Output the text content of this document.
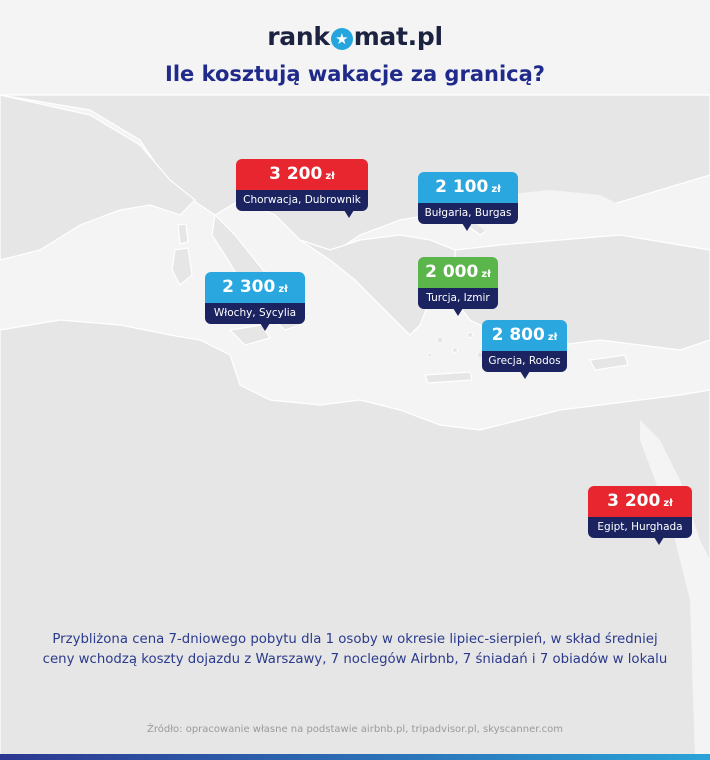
rank ★ mat.pl
Ile kosztują wakacje za granicą?
3 200 zł
Chorwacja, Dubrownik
2 100 zł
Bułgaria, Burgas
2 300 zł
Włochy, Sycylia
2 000 zł
Turcja, Izmir
2 800 zł
Grecja, Rodos
3 200 zł
Egipt, Hurghada
Przybliżona cena 7-dniowego pobytu dla 1 osoby w okresie lipiec-sierpień, w skład średniej ceny wchodzą koszty dojazdu z Warszawy, 7 noclegów Airbnb, 7 śniadań i 7 obiadów w lokalu
Źródło: opracowanie własne na podstawie airbnb.pl, tripadvisor.pl, skyscanner.com
